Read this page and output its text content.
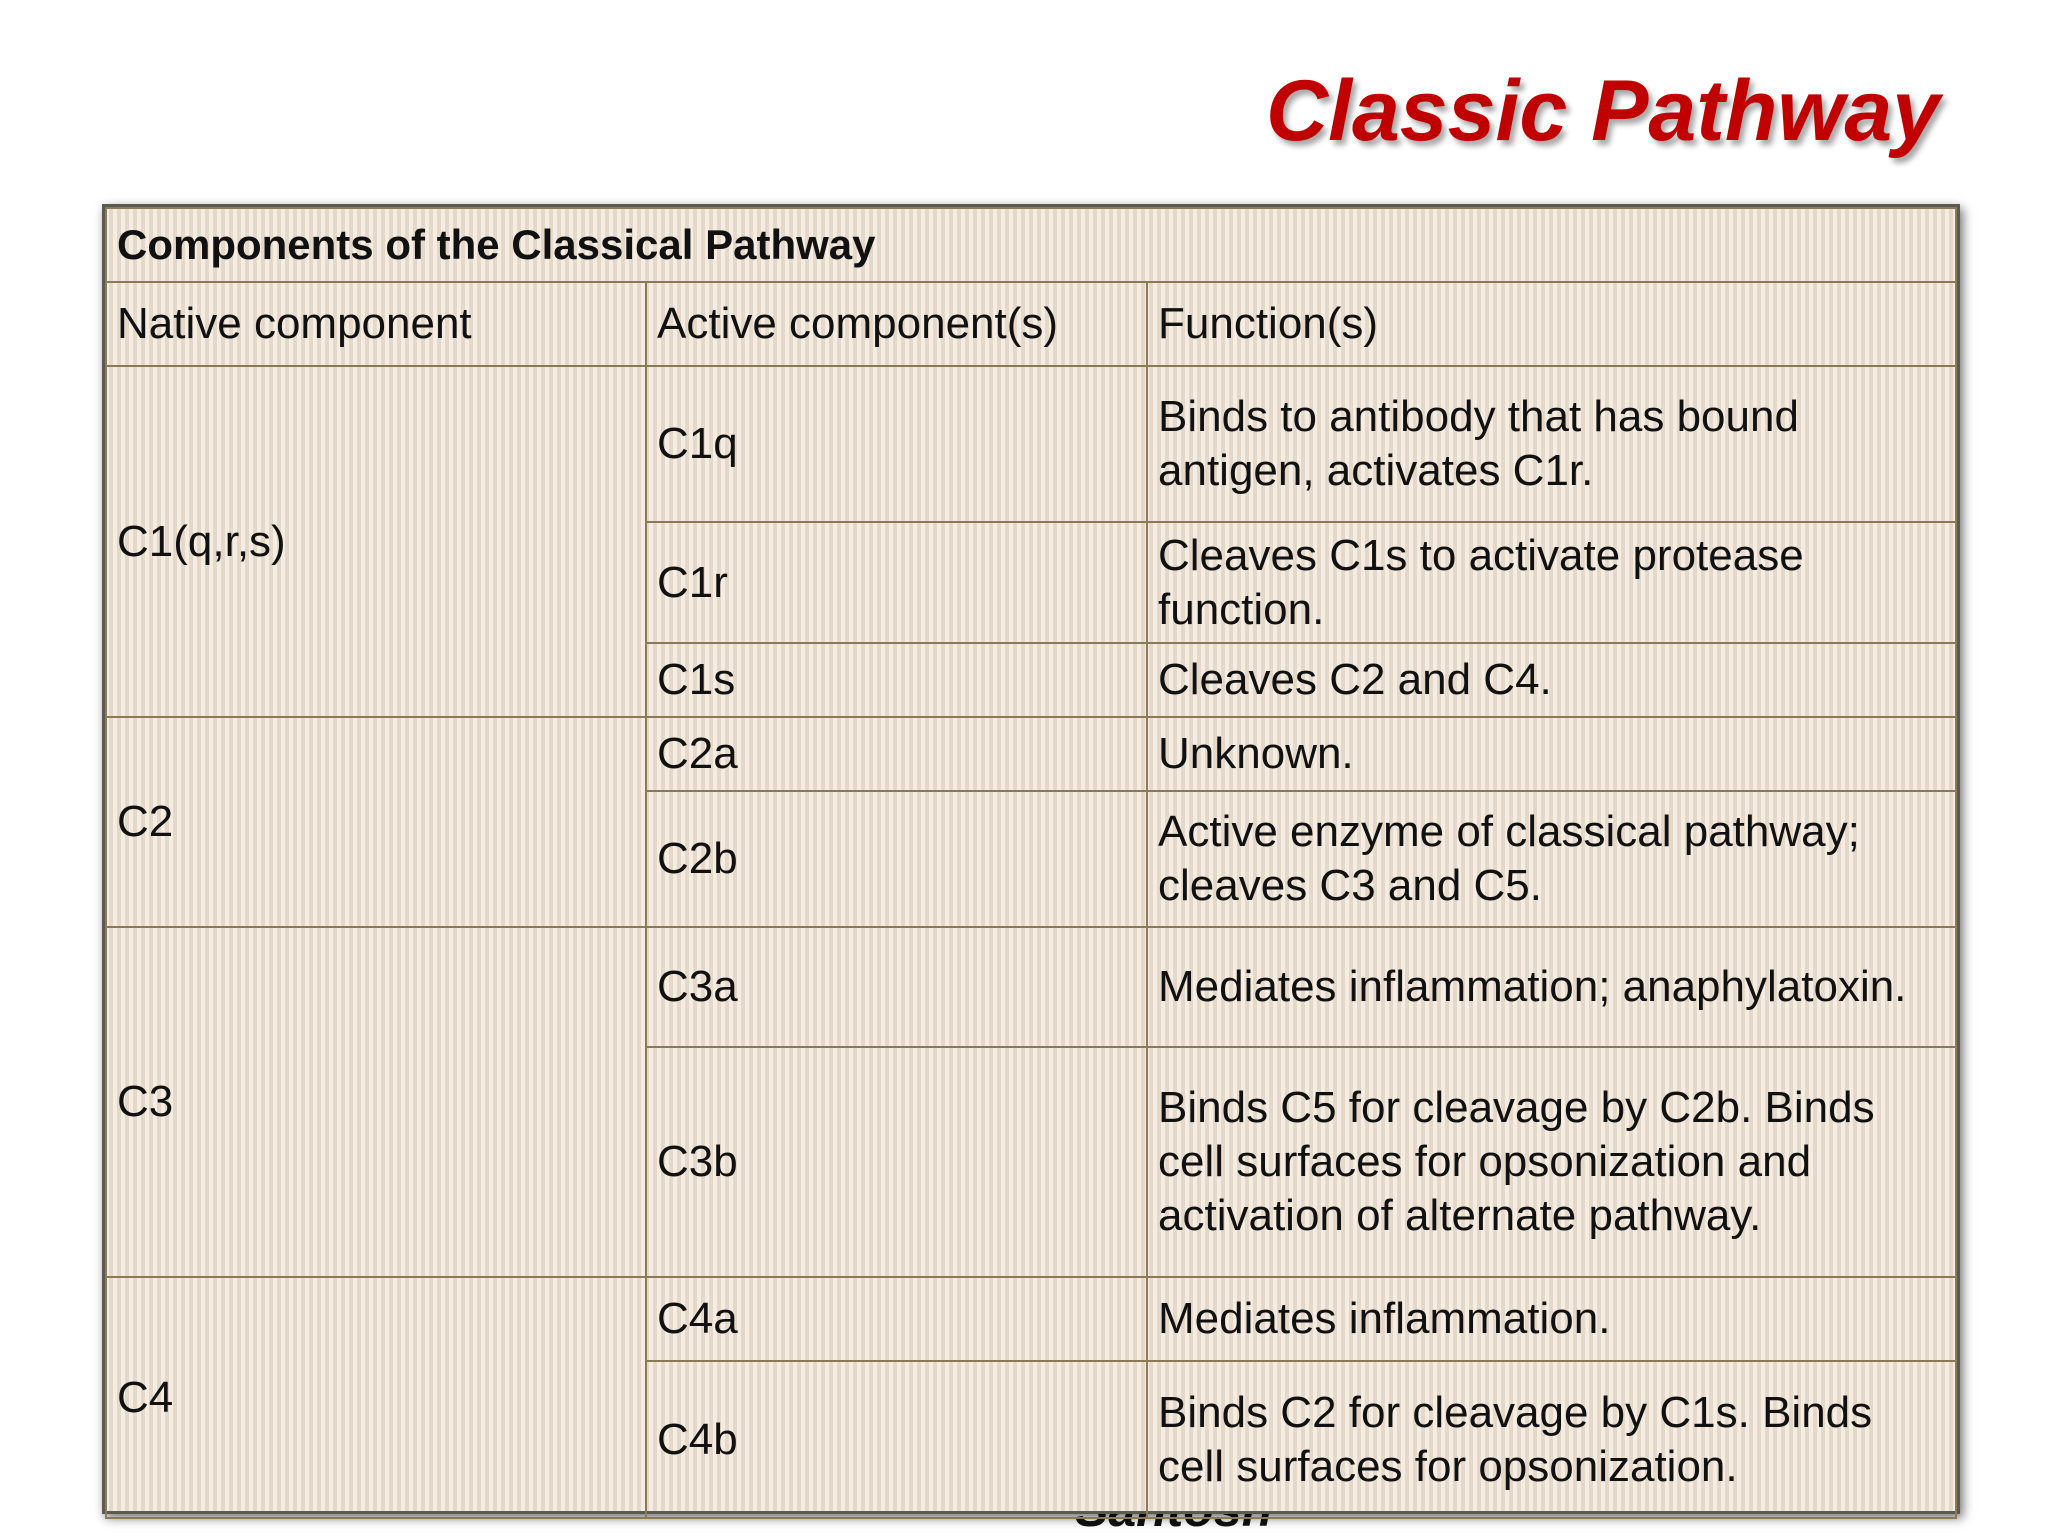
Classic Pathway
Components of the Classical Pathway		
Native component	Active component(s)	Function(s)
C1(q,r,s)	C1q	Binds to antibody that has bound antigen, activates C1r.
	C1r	Cleaves C1s to activate protease function.
	C1s	Cleaves C2 and C4.
C2	C2a	Unknown.
	C2b	Active enzyme of classical pathway; cleaves C3 and C5.
C3	C3a	Mediates inflammation; anaphylatoxin.
	C3b	Binds C5 for cleavage by C2b. Binds cell surfaces for opsonization and activation of alternate pathway.
C4	C4a	Mediates inflammation.
	C4b	Binds C2 for cleavage by C1s. Binds cell surfaces for opsonization.
